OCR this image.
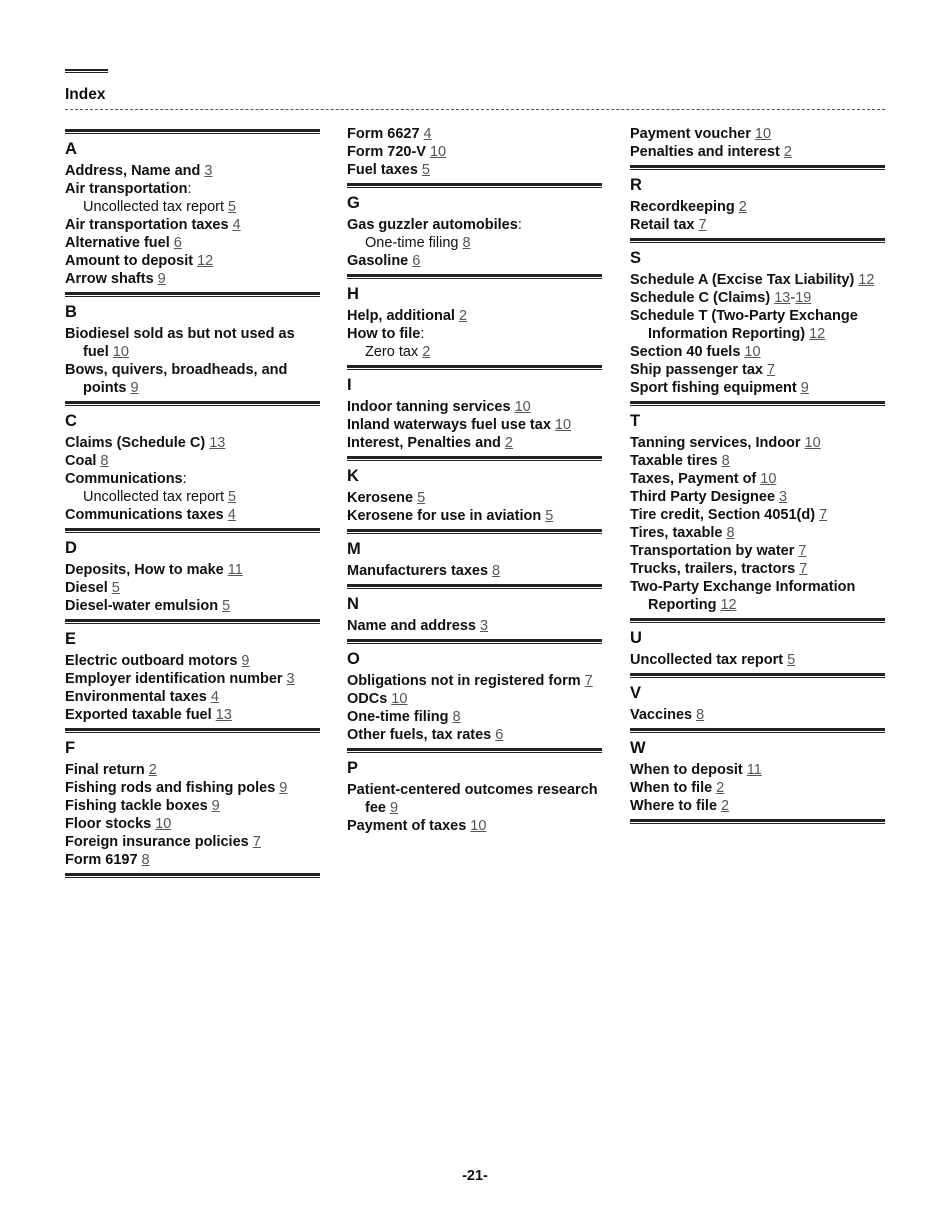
Index
A
Address, Name and 3
Air transportation:
Uncollected tax report 5
Air transportation taxes 4
Alternative fuel 6
Amount to deposit 12
Arrow shafts 9
B
Biodiesel sold as but not used as fuel 10
Bows, quivers, broadheads, and points 9
C
Claims (Schedule C) 13
Coal 8
Communications:
Uncollected tax report 5
Communications taxes 4
D
Deposits, How to make 11
Diesel 5
Diesel-water emulsion 5
E
Electric outboard motors 9
Employer identification number 3
Environmental taxes 4
Exported taxable fuel 13
F
Final return 2
Fishing rods and fishing poles 9
Fishing tackle boxes 9
Floor stocks 10
Foreign insurance policies 7
Form 6197 8
Form 6627 4
Form 720-V 10
Fuel taxes 5
G
Gas guzzler automobiles:
One-time filing 8
Gasoline 6
H
Help, additional 2
How to file:
Zero tax 2
I
Indoor tanning services 10
Inland waterways fuel use tax 10
Interest, Penalties and 2
K
Kerosene 5
Kerosene for use in aviation 5
M
Manufacturers taxes 8
N
Name and address 3
O
Obligations not in registered form 7
ODCs 10
One-time filing 8
Other fuels, tax rates 6
P
Patient-centered outcomes research fee 9
Payment of taxes 10
Payment voucher 10
Penalties and interest 2
R
Recordkeeping 2
Retail tax 7
S
Schedule A (Excise Tax Liability) 12
Schedule C (Claims) 13-19
Schedule T (Two-Party Exchange Information Reporting) 12
Section 40 fuels 10
Ship passenger tax 7
Sport fishing equipment 9
T
Tanning services, Indoor 10
Taxable tires 8
Taxes, Payment of 10
Third Party Designee 3
Tire credit, Section 4051(d) 7
Tires, taxable 8
Transportation by water 7
Trucks, trailers, tractors 7
Two-Party Exchange Information Reporting 12
U
Uncollected tax report 5
V
Vaccines 8
W
When to deposit 11
When to file 2
Where to file 2
-21-
